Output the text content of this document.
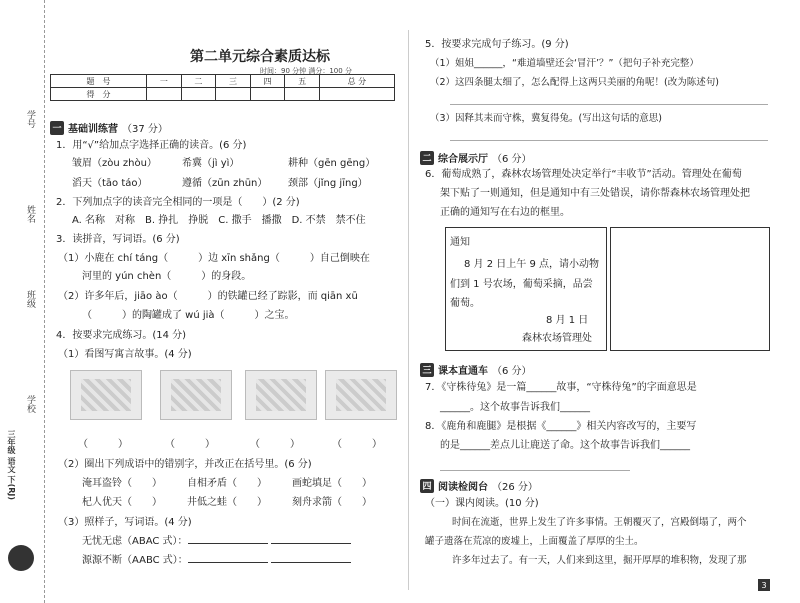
学号
姓名
班级
学校
三年级 语文 下(RJ)
第二单元综合素质达标
时间：90 分钟 满分：100 分
题　号	一	二	三	四	五	总 分
得　分						
一 基础训练营 （37 分）
1．用“√”给加点字选择正确的读音。(6 分)
皱眉（zòu zhòu）	希冀（jì yì）	耕种（gēn gēng）
滔天（tāo táo）	遵循（zūn zhūn） 颈部（jǐng jīng）
2．下列加点字的读音完全相同的一项是（　　）(2 分)
A. 名称　对称　B. 挣扎　挣脱　C. 撒手　播撒　D. 不禁　禁不住
3．读拼音，写词语。(6 分)
（1）小鹿在 chí táng（　　　）边 xīn shǎng（　　　）自己倒映在
河里的 yún chèn（　　　）的身段。
（2）许多年后，jiāo ào（　　　）的铁罐已经了踪影，而 qiān xū
（　　　）的陶罐成了 wú jià（　　　）之宝。
4．按要求完成练习。(14 分)
（1）看图写寓言故事。(4 分)
（　　　）	（　　　）	（　　　）	（　　　）
（2）圈出下列成语中的错别字，并改正在括号里。(6 分)
淹耳盗铃（　　）	自相矛盾（　　）	画蛇填足（　　）
杞人优天（　　）	井低之蛙（　　）	刻舟求箭（　　）
（3）照样子，写词语。(4 分)
无忧无虑（ABAC 式）：
源源不断（AABC 式）：
5．按要求完成句子练习。(9 分)
（1）姐姐______，“难道墙壁还会‘冒汗’？”（把句子补充完整）
（2）这四条腿太细了，怎么配得上这两只美丽的角呢！(改为陈述句)
（3）因释其耒而守株，冀复得兔。(写出这句话的意思)
二 综合展示厅 （6 分）
6．葡萄成熟了，森林农场管理处决定举行“丰收节”活动。管理处在葡萄
架下贴了一则通知，但是通知中有三处错误，请你帮森林农场管理处把
正确的通知写在右边的框里。
通知
8 月 2 日上午 9 点，请小动物
们到 1 号农场，葡萄采摘，品尝
葡萄。
8 月 1 日
森林农场管理处
三 课本直通车 （6 分）
7．《守株待兔》是一篇______故事，“守株待兔”的字面意思是
______。这个故事告诉我们______
8．《鹿角和鹿腿》是根据《______》相关内容改写的，主要写
的是______差点儿让鹿送了命。这个故事告诉我们______
四 阅读检阅台 （26 分）
（一）课内阅读。(10 分)
时间在流逝，世界上发生了许多事情。王朝覆灭了，宫殿倒塌了，两个
罐子遗落在荒凉的废墟上，上面覆盖了厚厚的尘土。
许多年过去了。有一天，人们来到这里，掘开厚厚的堆积物，发现了那
3
